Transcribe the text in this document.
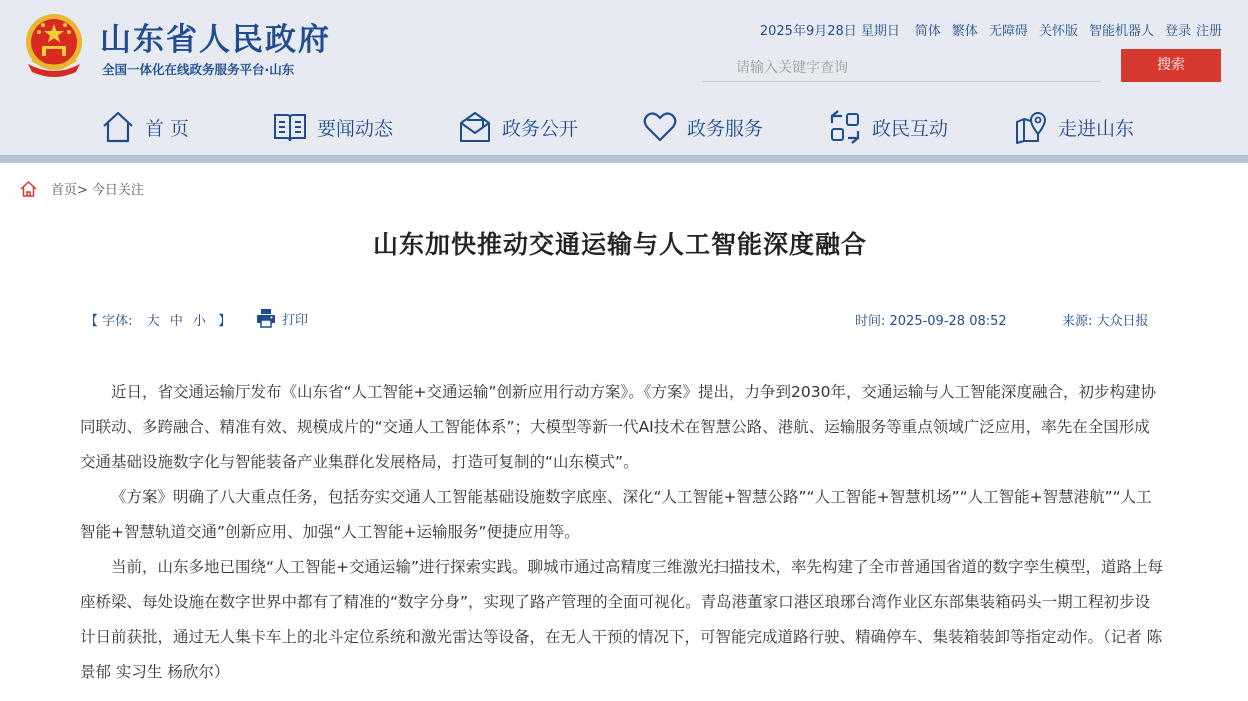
山东省人民政府
全国一体化在线政务服务平台·山东
2025年9月28日 星期日 简体 繁体 无障碍 关怀版 智能机器人 登录 注册
请输入关键字查询	搜索
首 页	要闻动态	政务公开	政务服务	政民互动	走进山东
首页> 今日关注
山东加快推动交通运输与人工智能深度融合
【 字体: 大 中 小 】	打印	时间: 2025-09-28 08:52	来源: 大众日报

近日，省交通运输厅发布《山东省“人工智能+交通运输”创新应用行动方案》。《方案》提出，力争到2030年，交通运输与人工智能深度融合，初步构建协同联动、多跨融合、精准有效、规模成片的“交通人工智能体系”；大模型等新一代AI技术在智慧公路、港航、运输服务等重点领域广泛应用，率先在全国形成交通基础设施数字化与智能装备产业集群化发展格局，打造可复制的“山东模式”。

《方案》明确了八大重点任务，包括夯实交通人工智能基础设施数字底座、深化“人工智能+智慧公路”“人工智能+智慧机场”“人工智能+智慧港航”“人工智能+智慧轨道交通”创新应用、加强“人工智能+运输服务”便捷应用等。

当前，山东多地已围绕“人工智能+交通运输”进行探索实践。聊城市通过高精度三维激光扫描技术，率先构建了全市普通国省道的数字孪生模型，道路上每座桥梁、每处设施在数字世界中都有了精准的“数字分身”，实现了路产管理的全面可视化。青岛港董家口港区琅琊台湾作业区东部集装箱码头一期工程初步设计日前获批，通过无人集卡车上的北斗定位系统和激光雷达等设备，在无人干预的情况下，可智能完成道路行驶、精确停车、集装箱装卸等指定动作。（记者 陈景郁 实习生 杨欣尔）
